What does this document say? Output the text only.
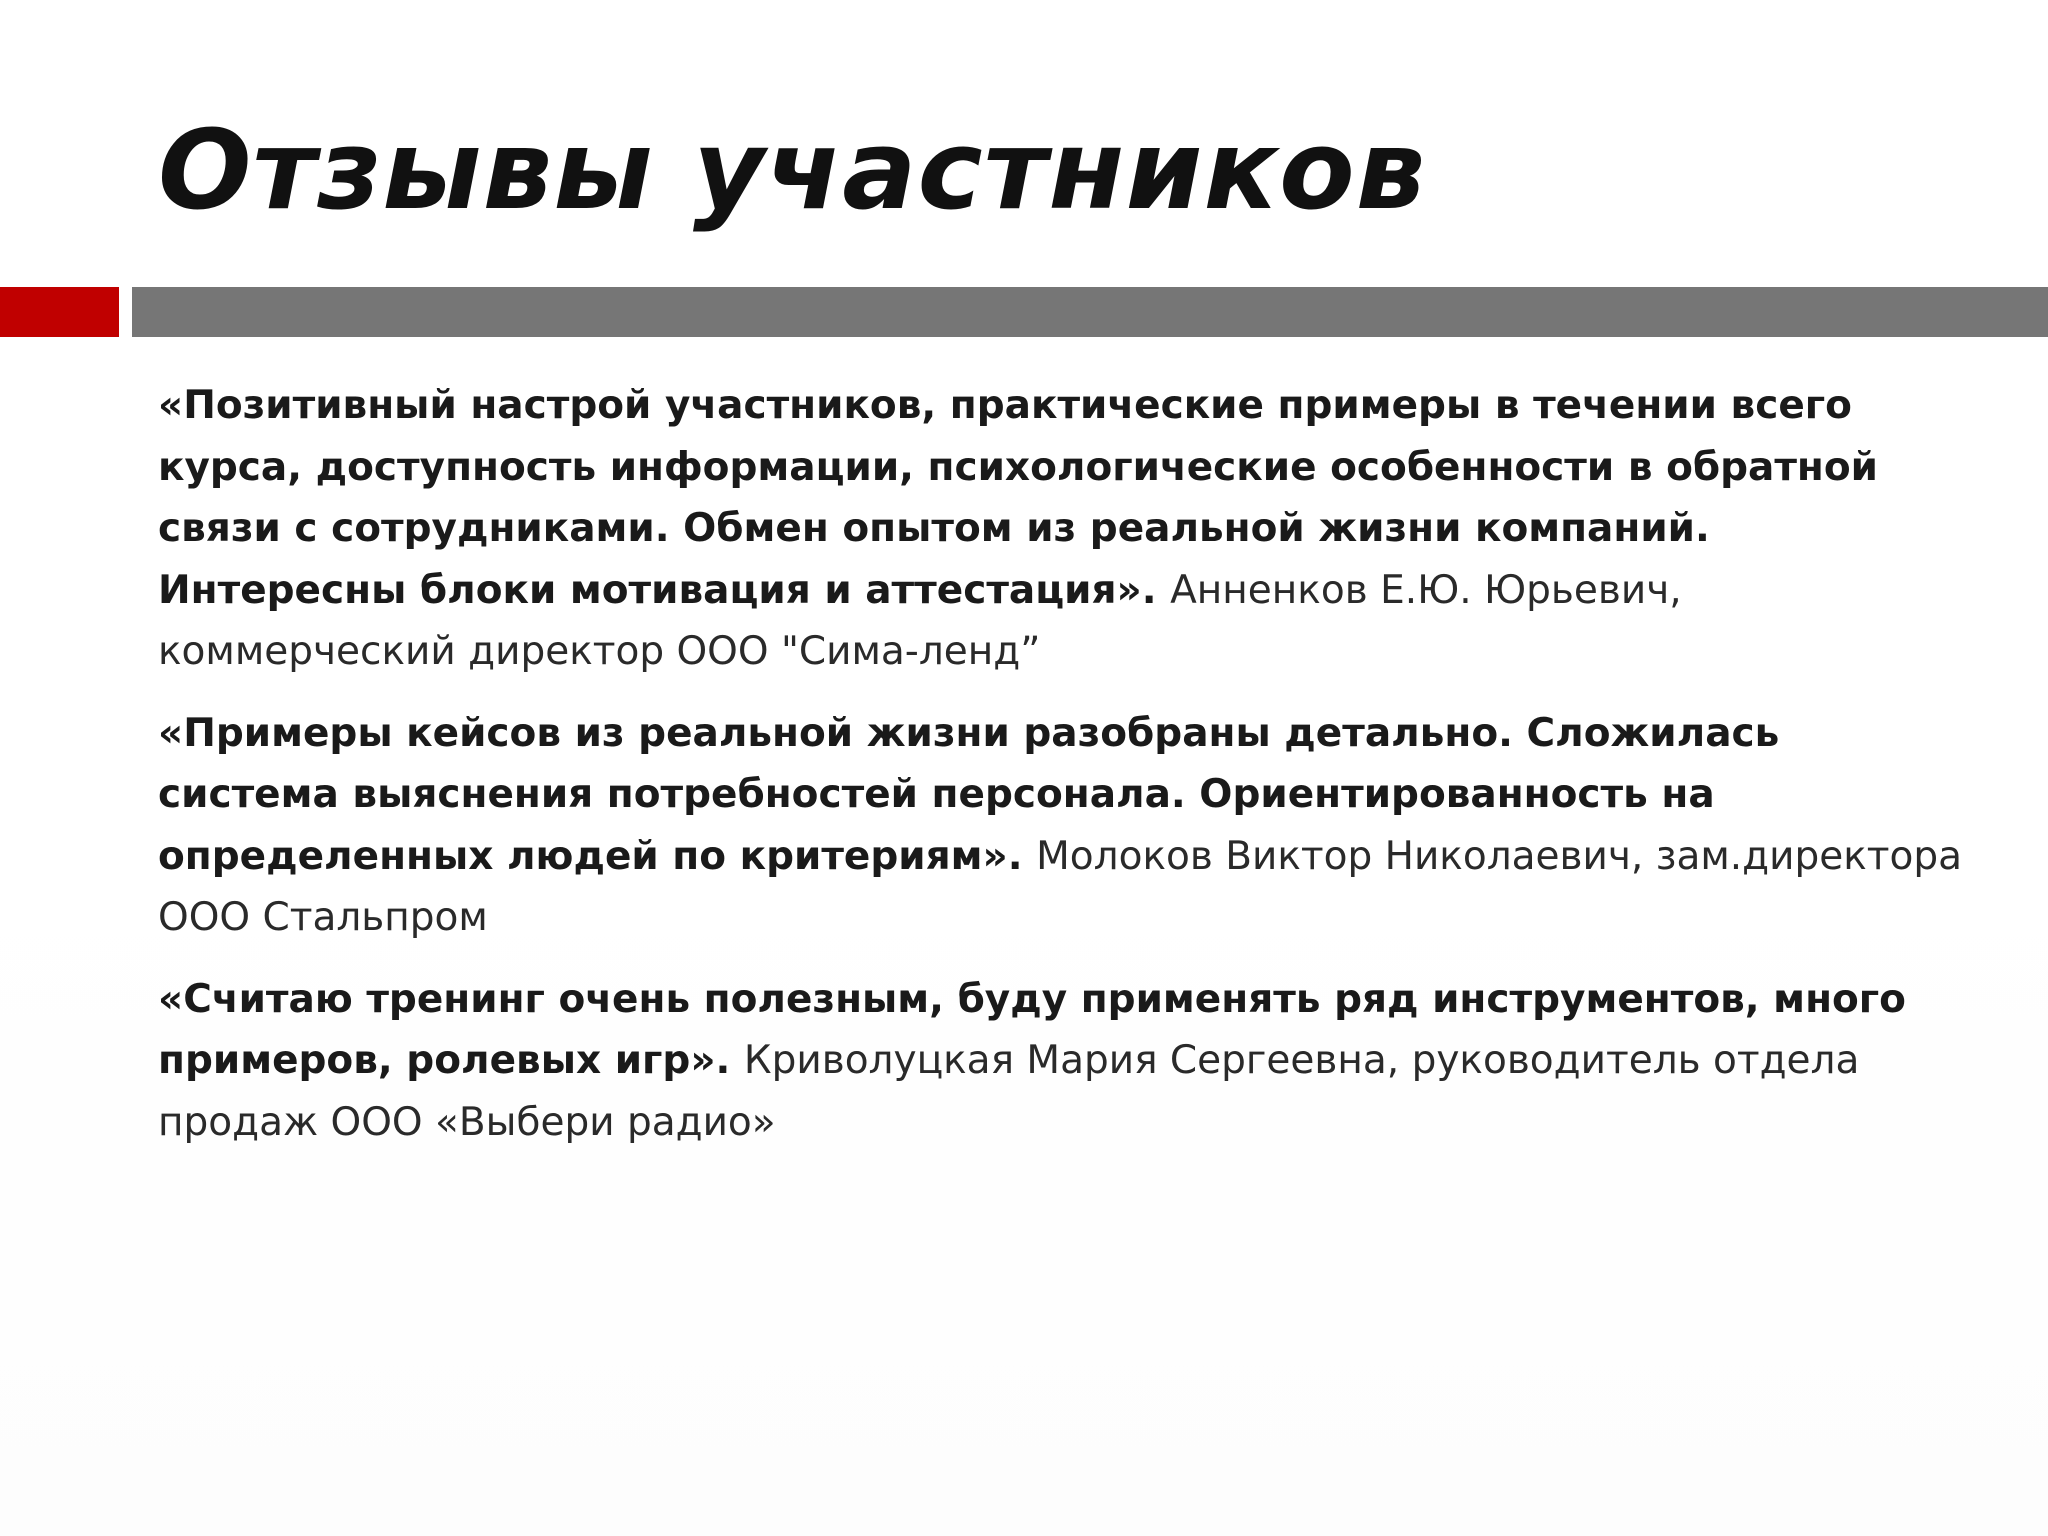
Отзывы участников

«Позитивный настрой участников, практические примеры в течении всего курса, доступность информации, психологические особенности в обратной связи с сотрудниками. Обмен опытом из реальной жизни компаний. Интересны блоки мотивация и аттестация». Анненков Е.Ю. Юрьевич, коммерческий директор ООО "Сима-ленд”

«Примеры кейсов из реальной жизни разобраны детально. Сложилась система выяснения потребностей персонала. Ориентированность на определенных людей по критериям». Молоков Виктор Николаевич, зам.директора ООО Стальпром

«Считаю тренинг очень полезным, буду применять ряд инструментов, много примеров, ролевых игр». Криволуцкая Мария Сергеевна, руководитель отдела продаж ООО «Выбери радио»
